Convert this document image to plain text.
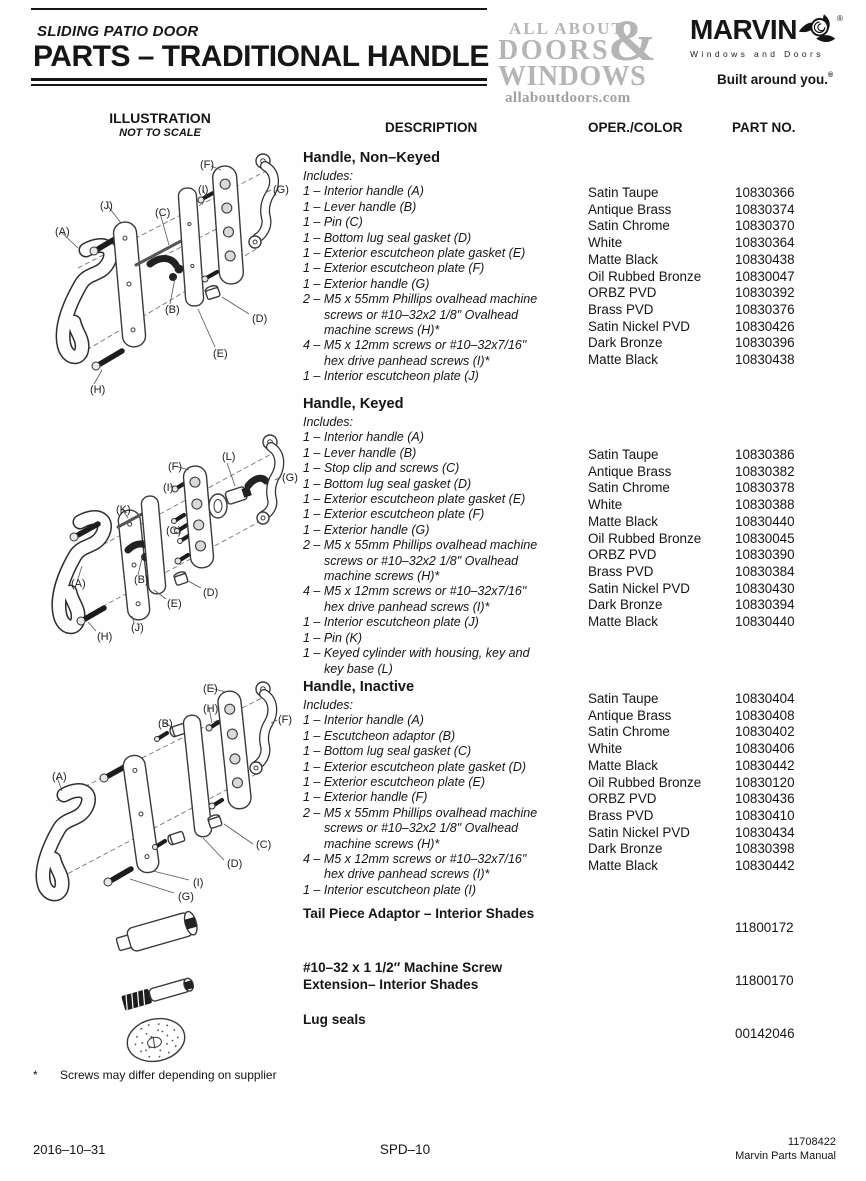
SLIDING PATIO DOOR
PARTS – TRADITIONAL HANDLE
ALL ABOUT
&
DOORS
WINDOWS
allaboutdoors.com
MARVIN	®
Windows and Doors
Built around you.®
ILLUSTRATION
NOT TO SCALE	DESCRIPTION	OPER./COLOR	PART NO.
Handle, Non–Keyed
Includes:
1 – Interior handle (A)
1 – Lever handle (B)
1 – Pin (C)
1 – Bottom lug seal gasket (D)
1 – Exterior escutcheon plate gasket (E)
1 – Exterior escutcheon plate (F)
1 – Exterior handle (G)
2 – M5 x 55mm Phillips ovalhead machine
screws or #10–32x2 1/8" Ovalhead
machine screws (H)*
4 – M5 x 12mm screws or #10–32x7/16"
hex drive panhead screws (I)*
1 – Interior escutcheon plate (J)
Satin Taupe	10830366
Antique Brass	10830374
Satin Chrome	10830370
White	10830364
Matte Black	10830438
Oil Rubbed Bronze	10830047
ORBZ PVD	10830392
Brass PVD	10830376
Satin Nickel PVD	10830426
Dark Bronze	10830396
Matte Black	10830438
(F)
(I)	(G)
(J)
(C)
(A)
(B)
(D)
(E)
(H)
Handle, Keyed
Includes:
1 – Interior handle (A)
1 – Lever handle (B)
1 – Stop clip and screws (C)
1 – Bottom lug seal gasket (D)
1 – Exterior escutcheon plate gasket (E)
1 – Exterior escutcheon plate (F)
1 – Exterior handle (G)
2 – M5 x 55mm Phillips ovalhead machine
screws or #10–32x2 1/8" Ovalhead
machine screws (H)*
4 – M5 x 12mm screws or #10–32x7/16"
hex drive panhead screws (I)*
1 – Interior escutcheon plate (J)
1 – Pin (K)
1 – Keyed cylinder with housing, key and
key base (L)
Satin Taupe	10830386
Antique Brass	10830382
Satin Chrome	10830378
White	10830388
Matte Black	10830440
Oil Rubbed Bronze	10830045
ORBZ PVD	10830390
Brass PVD	10830384
Satin Nickel PVD	10830430
Dark Bronze	10830394
Matte Black	10830440
(L)
(F)
(G)
(I)
(K)
(C)
(A)	(B)
(D)
(E)
(J)
(H)
Handle, Inactive
Includes:
1 – Interior handle (A)
1 – Escutcheon adaptor (B)
1 – Bottom lug seal gasket (C)
1 – Exterior escutcheon plate gasket (D)
1 – Exterior escutcheon plate (E)
1 – Exterior handle (F)
2 – M5 x 55mm Phillips ovalhead machine
screws or #10–32x2 1/8" Ovalhead
machine screws (H)*
4 – M5 x 12mm screws or #10–32x7/16"
hex drive panhead screws (I)*
1 – Interior escutcheon plate (I)
Satin Taupe	10830404
Antique Brass	10830408
Satin Chrome	10830402
White	10830406
Matte Black	10830442
Oil Rubbed Bronze	10830120
ORBZ PVD	10830436
Brass PVD	10830410
Satin Nickel PVD	10830434
Dark Bronze	10830398
Matte Black	10830442
(E)
(H)
(B)	(F)
(A)
(C)
(D)
(I)
(G)
Tail Piece Adaptor – Interior Shades
11800172
#10–32 x 1 1/2″ Machine Screw
Extension– Interior Shades	11800170
Lug seals
00142046
* Screws may differ depending on supplier
2016–10–31	SPD–10	11708422
Marvin Parts Manual
